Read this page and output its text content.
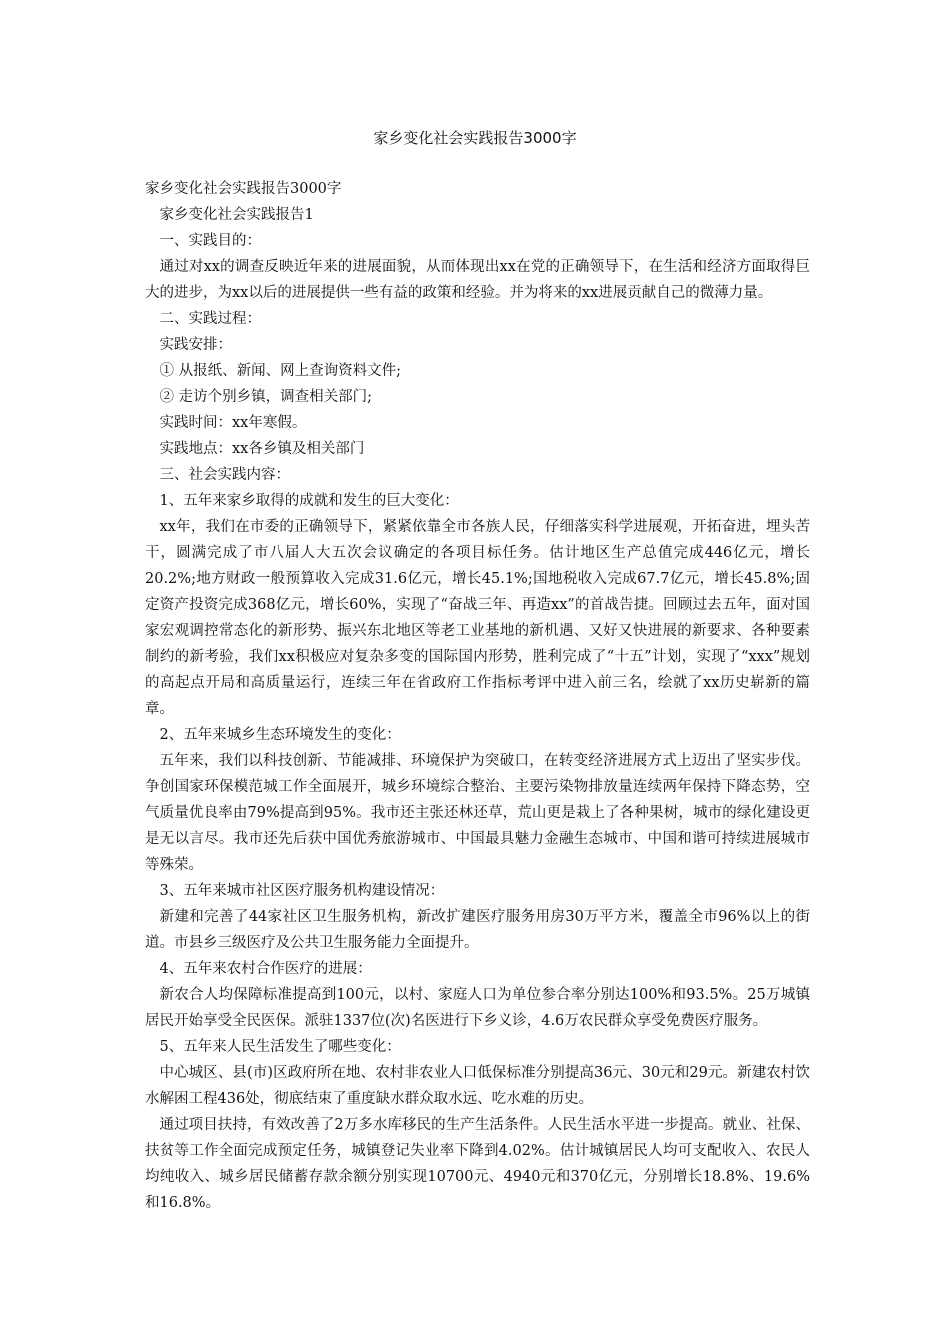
家乡变化社会实践报告3000字

家乡变化社会实践报告3000字

家乡变化社会实践报告1

一、实践目的：

通过对xx的调查反映近年来的进展面貌，从而体现出xx在党的正确领导下，在生活和经济方面取得巨大的进步，为xx以后的进展提供一些有益的政策和经验。并为将来的xx进展贡献自己的微薄力量。

二、实践过程：

实践安排：

① 从报纸、新闻、网上查询资料文件;

② 走访个别乡镇，调查相关部门;

实践时间：xx年寒假。

实践地点：xx各乡镇及相关部门

三、社会实践内容：

1、五年来家乡取得的成就和发生的巨大变化：

xx年，我们在市委的正确领导下，紧紧依靠全市各族人民，仔细落实科学进展观，开拓奋进，埋头苦干，圆满完成了市八届人大五次会议确定的各项目标任务。估计地区生产总值完成446亿元，增长20.2%;地方财政一般预算收入完成31.6亿元，增长45.1%;国地税收入完成67.7亿元，增长45.8%;固定资产投资完成368亿元，增长60%，实现了“奋战三年、再造xx”的首战告捷。回顾过去五年，面对国家宏观调控常态化的新形势、振兴东北地区等老工业基地的新机遇、又好又快进展的新要求、各种要素制约的新考验，我们xx积极应对复杂多变的国际国内形势，胜利完成了“十五”计划，实现了“xxx”规划的高起点开局和高质量运行，连续三年在省政府工作指标考评中进入前三名，绘就了xx历史崭新的篇章。

2、五年来城乡生态环境发生的变化：

五年来，我们以科技创新、节能减排、环境保护为突破口，在转变经济进展方式上迈出了坚实步伐。争创国家环保模范城工作全面展开，城乡环境综合整治、主要污染物排放量连续两年保持下降态势，空气质量优良率由79%提高到95%。我市还主张还林还草，荒山更是栽上了各种果树，城市的绿化建设更是无以言尽。我市还先后获中国优秀旅游城市、中国最具魅力金融生态城市、中国和谐可持续进展城市等殊荣。

3、五年来城市社区医疗服务机构建设情况：

新建和完善了44家社区卫生服务机构，新改扩建医疗服务用房30万平方米，覆盖全市96%以上的街道。市县乡三级医疗及公共卫生服务能力全面提升。

4、五年来农村合作医疗的进展：

新农合人均保障标准提高到100元，以村、家庭人口为单位参合率分别达100%和93.5%。25万城镇居民开始享受全民医保。派驻1337位(次)名医进行下乡义诊，4.6万农民群众享受免费医疗服务。

5、五年来人民生活发生了哪些变化：

中心城区、县(市)区政府所在地、农村非农业人口低保标准分别提高36元、30元和29元。新建农村饮水解困工程436处，彻底结束了重度缺水群众取水远、吃水难的历史。

通过项目扶持，有效改善了2万多水库移民的生产生活条件。人民生活水平进一步提高。就业、社保、扶贫等工作全面完成预定任务，城镇登记失业率下降到4.02%。估计城镇居民人均可支配收入、农民人均纯收入、城乡居民储蓄存款余额分别实现10700元、4940元和370亿元，分别增长18.8%、19.6%和16.8%。
